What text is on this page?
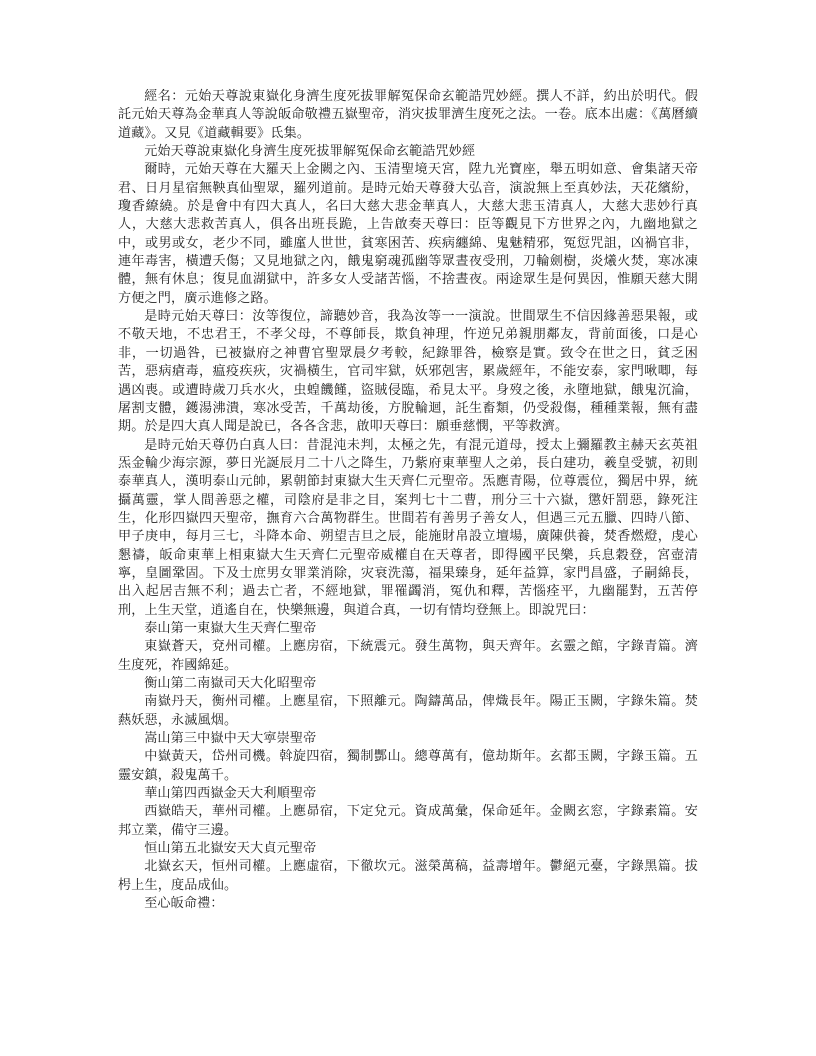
經名：元始天尊說東嶽化身濟生度死拔罪解冤保命玄範誥咒妙經。撰人不詳，約出於明代。假託元始天尊為金華真人等說皈命敬禮五嶽聖帝，消灾拔罪濟生度死之法。一卷。底本出處：《萬曆續道藏》。又見《道藏輯要》氐集。

元始天尊說東嶽化身濟生度死拔罪解冤保命玄範誥咒妙經

爾時，元始天尊在大羅天上金闕之內、玉清聖境天宮，陞九光寶座，舉五明如意、會集諸天帝君、日月星宿無鞅真仙聖眾，羅列道前。是時元始天尊發大弘音，演說無上至真妙法，天花繽紛，瓊香繚繞。於是會中有四大真人，名曰大慈大悲金華真人，大慈大悲玉清真人，大慈大悲妙行真人，大慈大悲救苦真人，俱各出班長跪，上告啟奏天尊曰：臣等觀見下方世界之內，九幽地獄之中，或男或女，老少不同，雖廑人世世，貧寒困苦、疾病纏綿、鬼魅精邪，冤愆咒詛，凶禍官非，連年毒害，橫遭夭傷；又見地獄之內，餓鬼窮魂孤幽等眾晝夜受刑，刀輪劍樹，炎爔火焚，寒冰凍體，無有休息；復見血湖獄中，許多女人受諸苦惱，不捨晝夜。兩途眾生是何異因，惟願天慈大開方便之門，廣示進修之路。

是時元始天尊曰：汝等復位，諦聽妙音，我為汝等一一演說。世間眾生不信因緣善惡果報，或不敬天地，不忠君王，不孝父母，不尊師長，欺負神理，忤逆兄弟親朋鄰友，背前面後，口是心非，一切過咎，已被嶽府之神曹官聖眾晨夕考較，紀錄罪咎，檢察是實。致令在世之日，貧乏困苦，惡病瘡毒，瘟疫疾疢，灾禍橫生，官司牢獄，妖邪剋害，累歲經年，不能安泰，家門啾唧，每遇凶喪。或遭時歲刀兵水火，虫蝗饑饉，盜賊侵臨，希見太平。身歿之後，永墮地獄，餓鬼沉淪，屠割支體，鑊湯沸潰，寒冰受苦，千萬劫後，方脫輪迴，託生畜類，仍受殺傷，種種業報，無有盡期。於是四大真人聞是說已，各各含悲，啟叩天尊曰：願垂慈憫，平等救濟。

是時元始天尊仍白真人曰：昔混沌未判，太極之先，有混元道母，授太上彌羅教主赫天玄英祖炁金輪少海宗源，夢日光誕辰月二十八之降生，乃紫府東華聖人之弟，長白建功，羲皇受號，初則泰華真人，漢明泰山元帥，累朝節封東嶽大生天齊仁元聖帝。炁應青陽，位尊震位，獨居中界，統攝萬靈，掌人間善惡之權，司陰府是非之目，案判七十二曹，刑分三十六嶽，懲奸罰惡，錄死注生，化形四嶽四天聖帝，撫育六合萬物群生。世間若有善男子善女人，但遇三元五臘、四時八節、甲子庚申，每月三七，斗降本命、朔望吉旦之辰，能施財帛設立壇場，廣陳供養，焚香燃燈，虔心懇禱，皈命東華上相東嶽大生天齊仁元聖帝威權自在天尊者，即得國平民樂，兵息穀登，宮壺清寧，皇圖鞏固。下及士庶男女罪業消除，灾衰洗蕩，福果臻身，延年益算，家門昌盛，子嗣綿長，出入起居吉無不利；過去亡者，不經地獄，罪罹蠲消，冤仇和釋，苦惱痊平，九幽罷對，五苦停刑，上生天堂，逍遙自在，快樂無邊，與道合真，一切有情均登無上。即說咒曰：

泰山第一東嶽大生天齊仁聖帝

東嶽蒼天，兗州司權。上應房宿，下統震元。發生萬物，與天齊年。玄靈之館，字錄青篇。濟生度死，祚國綿延。

衡山第二南嶽司天大化昭聖帝

南嶽丹天，衡州司權。上應星宿，下照離元。陶鑄萬品，俾熾長年。陽正玉闕，字錄朱篇。焚爇妖惡，永滅風烟。

嵩山第三中嶽中天大寕崇聖帝

中嶽黃天，岱州司機。斡旋四宿，獨制酆山。總尊萬有，億劫斯年。玄都玉闕，字錄玉篇。五靈安鎮，殺鬼萬千。

華山第四西嶽金天大利順聖帝

西嶽皓天，華州司權。上應昴宿，下定兌元。資成萬彙，保命延年。金闕玄窓，字錄素篇。安邦立業，備守三邊。

恒山第五北嶽安天大貞元聖帝

北嶽玄天，恒州司權。上應虛宿，下徹坎元。滋榮萬稿，益壽增年。鬱絕元臺，字錄黑篇。拔枵上生，度品成仙。

至心皈命禮：
